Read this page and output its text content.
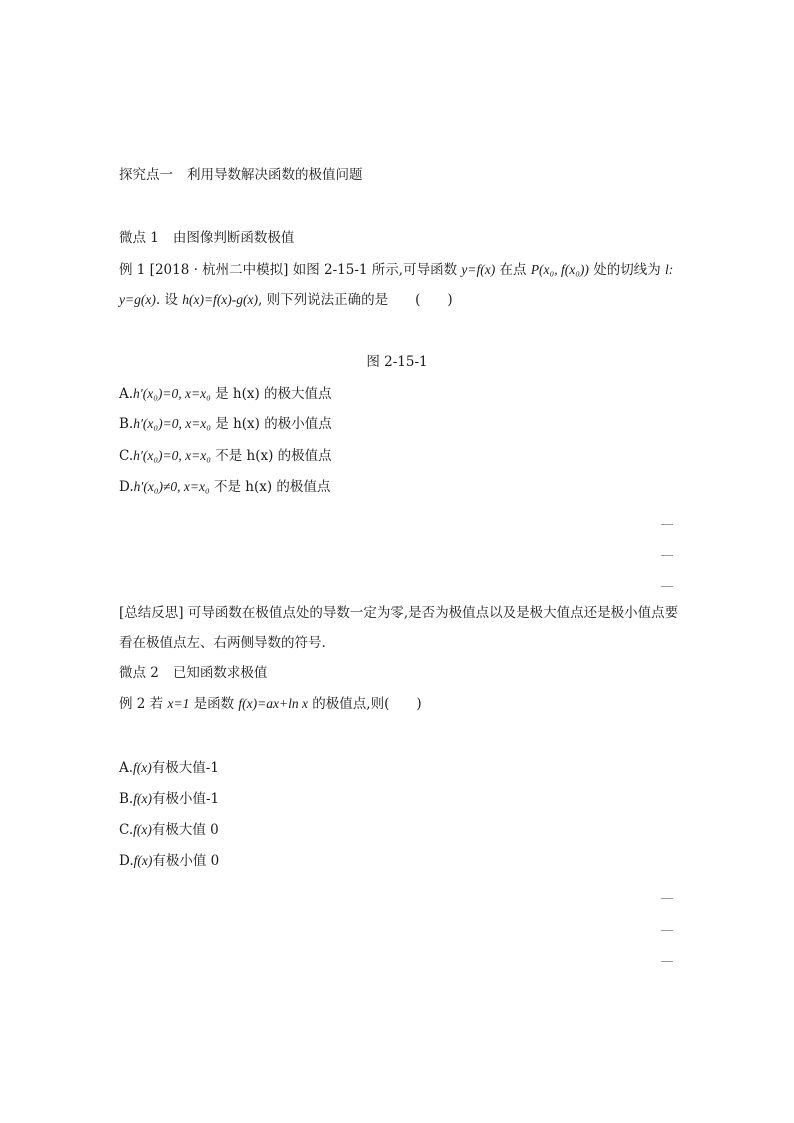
探究点一 利用导数解决函数的极值问题
微点 1 由图像判断函数极值
例 1 [2018 · 杭州二中模拟] 如图 2-15-1 所示,可导函数 y=f(x) 在点 P(x₀, f(x₀)) 处的切线为 l: y=g(x). 设 h(x)=f(x)-g(x), 则下列说法正确的是　　(　　)
图 2-15-1
A.h′(x₀)=0, x=x₀ 是 h(x) 的极大值点
B.h′(x₀)=0, x=x₀ 是 h(x) 的极小值点
C.h′(x₀)=0, x=x₀ 不是 h(x) 的极值点
D.h′(x₀)≠0, x=x₀ 不是 h(x) 的极值点
[总结反思] 可导函数在极值点处的导数一定为零,是否为极值点以及是极大值点还是极小值点要看在极值点左、右两侧导数的符号.
微点 2 已知函数求极值
例 2 若 x=1 是函数 f(x)=ax+ln x 的极值点,则(　　)
A.f(x)有极大值-1
B.f(x)有极小值-1
C.f(x)有极大值 0
D.f(x)有极小值 0
